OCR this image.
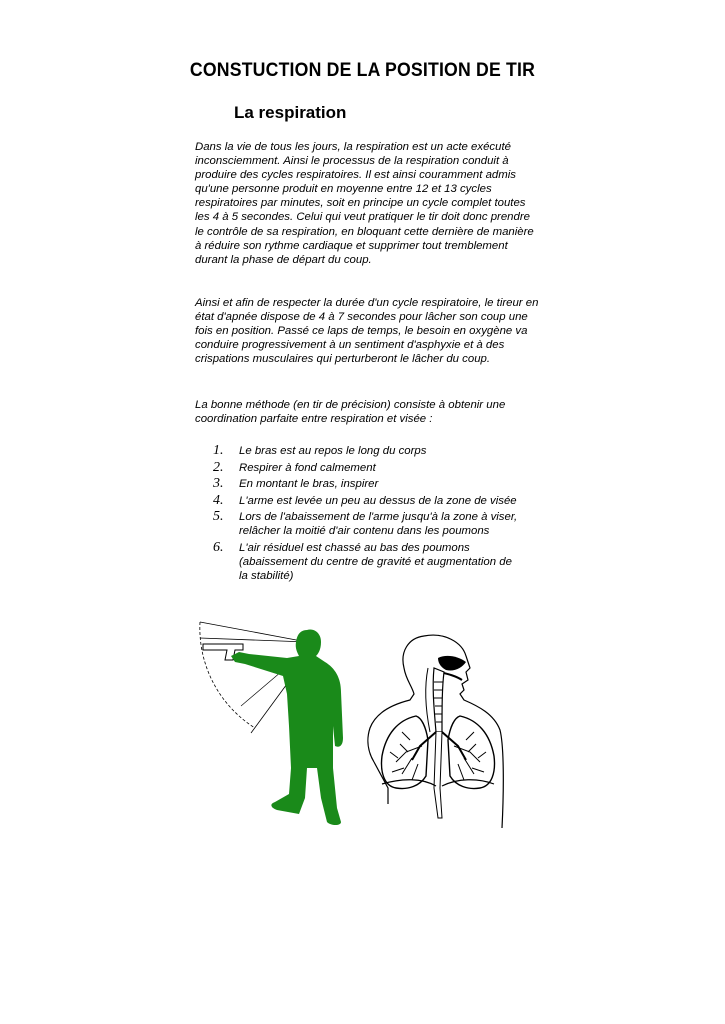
CONSTUCTION DE LA POSITION DE TIR
La respiration

Dans la vie de tous les jours, la respiration est un acte exécuté inconsciemment. Ainsi le processus de la respiration conduit à produire des cycles respiratoires. Il est ainsi couramment admis qu'une personne produit en moyenne entre 12 et 13 cycles respiratoires par minutes, soit en principe un cycle complet toutes les 4 à 5 secondes. Celui qui veut pratiquer le tir doit donc prendre le contrôle de sa respiration, en bloquant cette dernière de manière à réduire son rythme cardiaque et supprimer tout tremblement durant la phase de départ du coup.

Ainsi et afin de respecter la durée d'un cycle respiratoire, le tireur en état d'apnée dispose de 4 à 7 secondes pour lâcher son coup une fois en position. Passé ce laps de temps, le besoin en oxygène va conduire progressivement à un sentiment d'asphyxie et à des crispations musculaires qui perturberont le lâcher du coup.

La bonne méthode (en tir de précision) consiste à obtenir une coordination parfaite entre respiration et visée :

1.	Le bras est au repos le long du corps
2.	Respirer à fond calmement
3.	En montant le bras, inspirer
4.	L'arme est levée un peu au dessus de la zone de visée
5.	Lors de l'abaissement de l'arme jusqu'à la zone à viser, relâcher la moitié d'air contenu dans les poumons
6.	L'air résiduel est chassé au bas des poumons (abaissement du centre de gravité et augmentation de la stabilité)
